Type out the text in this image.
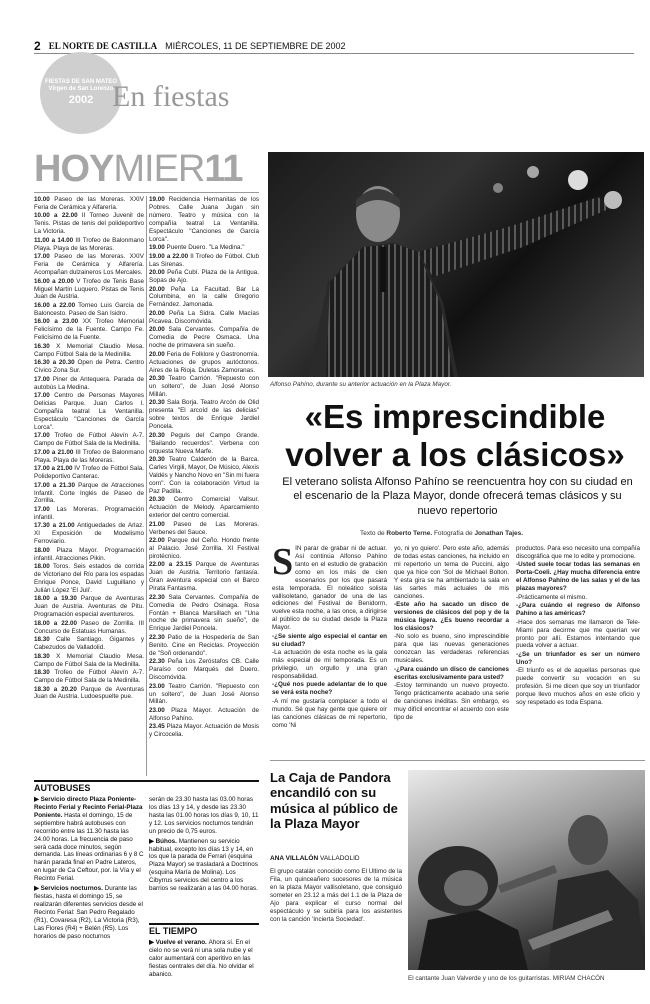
2 EL NORTE DE CASTILLA MIÉRCOLES, 11 DE SEPTIEMBRE DE 2002
FIESTAS DE SAN MATEO
Virgen de San Lorenzo
2002 En fiestas
HOYMIER11

10.00 Paseo de las Moreras. XXIV Feria de Cerámica y Alfarería.

10.00 a 22.00 II Torneo Juvenil de Tenis. Pistas de tenis del polideportivo La Victoria.

11.00 a 14.00 III Trofeo de Balonmano Playa. Playa de las Moreras.

17.00 Paseo de las Moreras. XXIV Feria de Cerámica y Alfarería. Acompañan dulzaineros Los Mercales.

16.00 a 20.00 V Trofeo de Tenis Base Miguel Martín Luquero. Pistas de Tenis Juan de Austria.

16.00 a 22.00 Torneo Luis García de Baloncesto. Paseo de San Isidro.

16.00 a 23.00 XX Trofeo Memorial Felicísimo de la Fuente. Campo Fe. Felicísimo de la Fuente.

16.30 X Memorial Claudio Mesa. Campo Fútbol Sala de la Medinilla.

16.30 a 20.30 Open de Petra. Centro Cívico Zona Sur.

17.00 Piner de Antequera. Parada de autobús La Medina.

17.00 Centro de Personas Mayores Delicias Parque. Juan Carlos I. Compañía teatral La Ventanilla. Espectáculo "Canciones de García Lorca".

17.00 Trofeo de Fútbol Alevín A-7. Campo de Fútbol Sala de la Medinilla.

17.00 a 21.00 III Trofeo de Balonmano Playa. Playa de las Moreras.

17.00 a 21.00 IV Trofeo de Fútbol Sala. Polideportivo Canterac.

17.00 a 21.30 Parque de Atracciones Infantil. Corte Inglés de Paseo de Zorrilla.

17.00 Las Moreras. Programación infantil.

17.30 a 21.00 Antiguedades de Arlaz. XI Exposición de Modelismo Ferroviario.

18.00 Plaza Mayor. Programación infantil. Atracciones Pikin.

18.00 Toros. Seis estados de corrida de Victoriano del Río para los espadas Enrique Ponce, David Luguillano y Julián López 'El Juli'.

18.00 a 19.30 Parque de Aventuras Juan de Austria. Aventuras de Pitu. Programación especial aventureros.

18.00 a 22.00 Paseo de Zorrilla. III Concurso de Estatuas Humanas.

18.30 Calle Santiago. Gigantes y Cabezudos de Valladolid.

18.30 X Memorial Claudio Mesa. Campo de Fútbol Sala de la Medinilla.

18.30 Trofeo de Fútbol Alevín A-7. Campo de Fútbol Sala de la Medinilla.

18.30 a 20.20 Parque de Aventuras Juan de Austria. Ludoespuelte pue.

19.00 Recidencia Hermanitas de los Pobres. Calle Juana Jugan sin número. Teatro y música con la compañía teatral La Ventanilla. Espectáculo "Canciones de García Lorca".

19.00 Puente Duero. "La Medina."

19.00 a 22.00 II Trofeo de Fútbol. Club Las Sirenas.

20.00 Peña Cubí. Plaza de la Antigua. Sopas de Ajo.

20.00 Peña La Facultad. Bar La Columbina, en la calle Gregorio Fernández. Jamonada.

20.00 Peña La Sidra. Calle Macías Picavea. Discomóvida.

20.00 Sala Cervantes. Compañía de Comedia de Pecre Osmaca. Una noche de primavera sin sueño.

20.00 Feria de Folklore y Gastronomía. Actuaciones de grupos autóctonos. Aires de la Rioja. Duletas Zamoranas.

20.30 Teatro Carrión. "Repuesto con un soltero", de Juan José Alonso Millán.

20.30 Sala Borja. Teatro Arcón de Olid presenta "El arcoíd de las delicias" sobre textos de Enrique Jardiel Poncela.

20.30 Peguls del Campo Grande. "Bailando recuerdos". Verbena con orquesta Nueva Marfe.

20.30 Teatro Calderón de la Barca. Carles Virgili, Mayor, De Músico, Alexis Valdés y Nancho Novo en "Sin mi fuera corn". Con la colaboración Virtud la Paz Padilla.

20.30 Centro Comercial Vallsur. Actuación de Melody. Aparcamiento exterior del centro comercial.

21.00 Paseo de Las Moreras. Verbenes del Sauce.

22.00 Parque del Ceño. Hondo frente al Palacio. José Zorrilla. XI Festival pirotécnico.

22.00 a 23.15 Parque de Aventuras Juan de Austria. Territorio fantasía. Gran aventura especial con el Barco Pirata Fantasma.

22.30 Sala Cervantes. Compañía de Comedia de Pedro Osinaga. Rosa Fontán + Blanca Marsillach en "Una noche de primavera sin sueño", de Enrique Jardiel Poncela.

22.30 Patio de la Hospedería de San Benito. Cine en Reciclas. Proyección de "Soñ ordenando".

22.30 Peña Los Zeróstafos CB. Calle Paraíso con Marqués del Duero. Discomóvida.

23.00 Teatro Carrión. "Repuesto con un soltero", de Juan José Alonso Millán.

23.00 Plaza Mayor. Actuación de Alfonso Pahíno.

23.45 Plaza Mayor. Actuación de Mosis y Circocelia.

AUTOBUSES

▶ Servicio directo Plaza Poniente-Recinto Ferial y Recinto Ferial-Plaza Poniente. Hasta el domingo, 15 de septiembre habrá autobuses con recorrido entre las 11.30 hasta las 24.00 horas. La frecuencia de paso será cada doce minutos, según demanda. Las líneas ordinarias 6 y 8 C harán parada final en Padre Lateros, en lugar de Ca Ceftour, por. la Vía y el Recinto Ferial.

▶ Servicios nocturnos. Durante las fiestas, hasta el domingo 15, se realizarán diferentes servicios desde el Recinto Ferial: San Pedro Regalado (R1), Covaresa (R2), La Victoria (R3), Las Flores (R4) + Belén (R5). Los horarios de paso nocturnos

serán de 23.30 hasta las 03.00 horas los días 13 y 14, y desde las 23.30 hasta las 01.00 horas los días 9, 10, 11 y 12. Los servicios nocturnos tendrán un precio de 0,75 euros.

▶ Búhos. Mantienen su servicio habitual, excepto los días 13 y 14, en los que la parada de Ferrari (esquina Plaza Mayor) se trasladará a Doctrinos (esquina María de Molina). Los Cibyrrus servicios del centro a los barrios se realizarán a las 04.00 horas.

EL TIEMPO

▶ Vuelve el verano. Ahora sí. En el cielo no se verá ni una sola nube y el calor aumentará con aperitivo en las fiestas centrales del día. No olvidar el abanico.

Alfonso Pahíno, durante su anterior actuación en la Plaza Mayor.
«Es imprescindible volver a los clásicos»
El veterano solista Alfonso Pahíno se reencuentra hoy con su ciudad en el escenario de la Plaza Mayor, donde ofrecerá temas clásicos y su nuevo repertorio
Texto de Roberto Terne. Fotografía de Jonathan Tajes.
S IN parar de grabar ni de actuar. Así continúa Alfonso Pahíno tanto en el estudio de grabación como en los más de cien escenarios por los que pasará esta temporada. El noleático solista vallisoletano, ganador de una de las ediciones del Festival de Benidorm, vuelve esta noche, a las once, a dirigirse al público de su ciudad desde la Plaza Mayor.

-¿Se siente algo especial el cantar en su ciudad?

-La actuación de esta noche es la gala más especial de mi temporada. Es un privilegio, un orgullo y una gran responsabilidad.

-¿Qué nos puede adelantar de lo que se verá esta noche?

-A mí me gustaría complacer a todo el mundo. Sé que hay gente que quiere oír las canciones clásicas de mi repertorio, como 'Ni

yo, ni yo quiero'. Pero este año, además de todas estas canciones, ha incluido en mi repertorio un tema de Puccini, algo que ya hice con 'Sol de Michael Bolton. Y esta gira se ha ambientado la sala en las sartes más actuales de mis canciones.

-Este año ha sacado un disco de versiones de clásicos del pop y de la música ligera. ¿Es bueno recordar a los clásicos?

-No solo es bueno, sino imprescindible para que las nuevas generaciones conozcan las verdaderas referencias musicales.

-¿Para cuándo un disco de canciones escritas exclusivamente para usted?

-Estoy terminando un nuevo proyecto. Tengo prácticamente acabado una serie de canciones inéditas. Sin embargo, es muy difícil encontrar el acuerdo con este tipo de

productos. Para eso necesito una compañía discográfica que me lo edite y promocione.

-Usted suele tocar todas las semanas en Porta-Coeli. ¿Hay mucha diferencia entre el Alfonso Pahíno de las salas y el de las plazas mayores?

-Prácticamente el mismo.

-¿Para cuándo el regreso de Alfonso Pahíno a las américas?

-Hace dos semanas me llamaron de Tele-Miami para decirme que me querían ver pronto por allí. Estamos intentando que pueda volver a actuar.

-¿Se un triunfador es ser un número Uno?

-El triunfo es el de aquellas personas que puede convertir su vocación en su profesión. Si me dicen que soy un triunfador porque llevo muchos años en este oficio y soy respetado es toda Espana.

La Caja de Pandora encandiló con su música al público de la Plaza Mayor
ANA VILLALÓN VALLADOLID
El grupo catalán conocido como El Último de la Fila, un quinceañero sucesores de la música en la plaza Mayor vallisoletano, que consiguió someter en 23.12 a más del 1.1 de la Plaza de Ajo para explicar el curso normal del espectáculo y se subiría para los asistentes con la canción 'Incierta Sociedad'.
El cantante Juan Valverde y uno de los guitarristas. MIRIAM CHACÓN
